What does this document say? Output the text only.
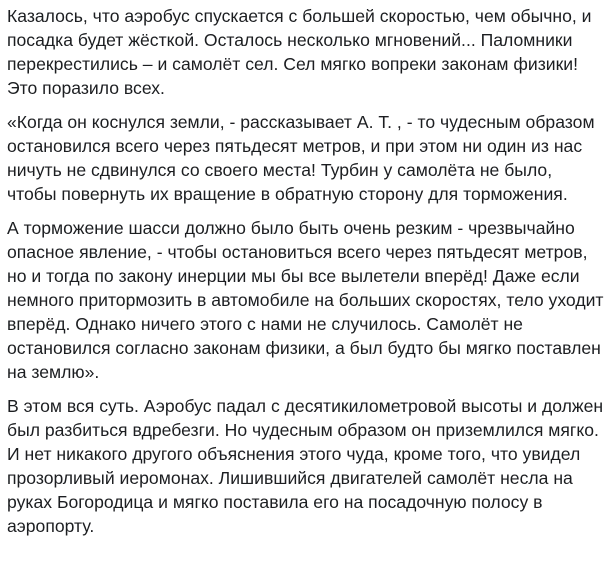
Казалось, что аэробус спускается с большей скоростью, чем обычно, и посадка будет жёсткой. Осталось несколько мгновений... Паломники перекрестились – и самолёт сел. Сел мягко вопреки законам физики! Это поразило всех.

«Когда он коснулся земли, - рассказывает А. Т. , - то чудесным образом остановился всего через пятьдесят метров, и при этом ни один из нас ничуть не сдвинулся со своего места! Турбин у самолёта не было, чтобы повернуть их вращение в обратную сторону для торможения.

А торможение шасси должно было быть очень резким - чрезвычайно опасное явление, - чтобы остановиться всего через пятьдесят метров, но и тогда по закону инерции мы бы все вылетели вперёд! Даже если немного притормозить в автомобиле на больших скоростях, тело уходит вперёд. Однако ничего этого с нами не случилось. Самолёт не остановился согласно законам физики, а был будто бы мягко поставлен на землю».

В этом вся суть. Аэробус падал с десятикилометровой высоты и должен был разбиться вдребезги. Но чудесным образом он приземлился мягко. И нет никакого другого объяснения этого чуда, кроме того, что увидел прозорливый иеромонах. Лишившийся двигателей самолёт несла на руках Богородица и мягко поставила его на посадочную полосу в аэропорту.
